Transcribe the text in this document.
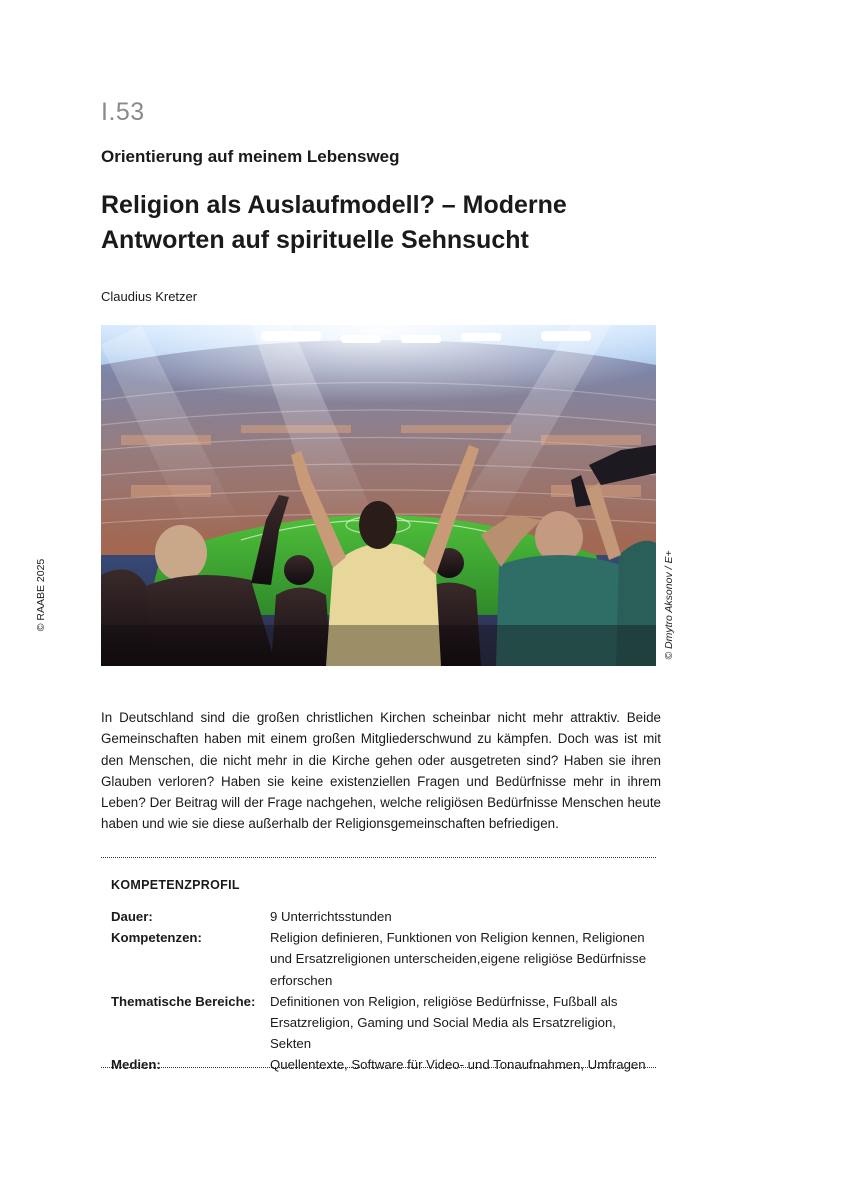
© RAABE 2025
I.53
Orientierung auf meinem Lebensweg
Religion als Auslaufmodell? – Moderne
Antworten auf spirituelle Sehnsucht
Claudius Kretzer
© Dmytro Aksonov / E+

In Deutschland sind die großen christlichen Kirchen scheinbar nicht mehr attraktiv. Beide Gemeinschaften haben mit einem großen Mitgliederschwund zu kämpfen. Doch was ist mit den Menschen, die nicht mehr in die Kirche gehen oder ausgetreten sind? Haben sie ihren Glauben verloren? Haben sie keine existenziellen Fragen und Bedürfnisse mehr in ihrem Leben? Der Beitrag will der Frage nachgehen, welche religiösen Bedürfnisse Menschen heute haben und wie sie diese außerhalb der Religionsgemeinschaften befriedigen.

KOMPETENZPROFIL
Dauer:	9 Unterrichtsstunden
Kompetenzen:	Religion definieren, Funktionen von Religion kennen, Religionen und Ersatzreligionen unterscheiden,eigene religiöse Bedürfnisse erforschen
Thematische Bereiche:	Definitionen von Religion, religiöse Bedürfnisse, Fußball als Ersatzreligion, Gaming und Social Media als Ersatzreligion, Sekten
Medien:	Quellentexte, Software für Video- und Tonaufnahmen, Umfragen
